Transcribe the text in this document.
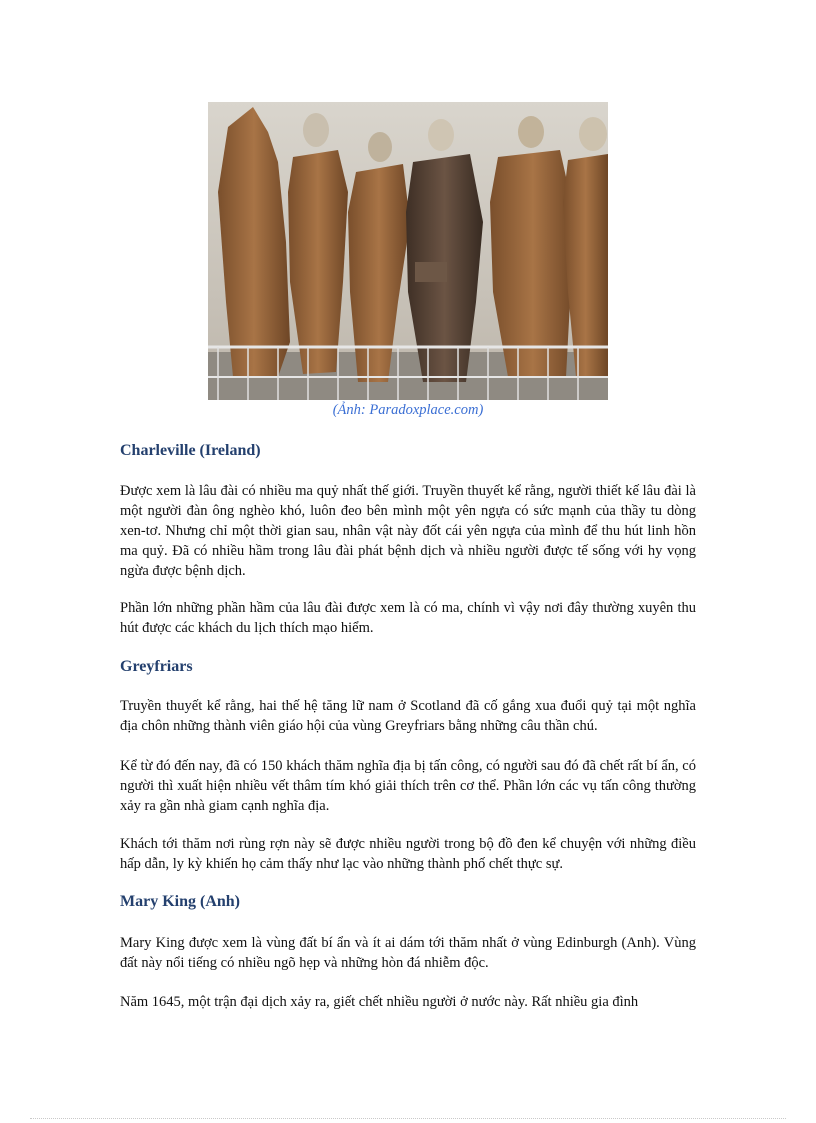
(Ảnh: Paradoxplace.com)
Charleville (Ireland)
Được xem là lâu đài có nhiều ma quỷ nhất thế giới. Truyền thuyết kể rằng, người thiết kế lâu đài là một người đàn ông nghèo khó, luôn đeo bên mình một yên ngựa có sức mạnh của thầy tu dòng xen-tơ. Nhưng chỉ một thời gian sau, nhân vật này đốt cái yên ngựa của mình để thu hút linh hồn ma quỷ. Đã có nhiều hầm trong lâu đài phát bệnh dịch và nhiều người được tế sống với hy vọng ngừa được bệnh dịch.
Phần lớn những phần hầm của lâu đài được xem là có ma, chính vì vậy nơi đây thường xuyên thu hút được các khách du lịch thích mạo hiểm.
Greyfriars
Truyền thuyết kể rằng, hai thế hệ tăng lữ nam ở Scotland đã cố gắng xua đuổi quỷ tại một nghĩa địa chôn những thành viên giáo hội của vùng Greyfriars bằng những câu thần chú.
Kể từ đó đến nay, đã có 150 khách thăm nghĩa địa bị tấn công, có người sau đó đã chết rất bí ẩn, có người thì xuất hiện nhiều vết thâm tím khó giải thích trên cơ thể. Phần lớn các vụ tấn công thường xảy ra gần nhà giam cạnh nghĩa địa.
Khách tới thăm nơi rùng rợn này sẽ được nhiều người trong bộ đồ đen kể chuyện với những điều hấp dẫn, ly kỳ khiến họ cảm thấy như lạc vào những thành phố chết thực sự.
Mary King (Anh)
Mary King được xem là vùng đất bí ẩn và ít ai dám tới thăm nhất ở vùng Edinburgh (Anh). Vùng đất này nổi tiếng có nhiều ngõ hẹp và những hòn đá nhiễm độc.
Năm 1645, một trận đại dịch xảy ra, giết chết nhiều người ở nước này. Rất nhiều gia đình
